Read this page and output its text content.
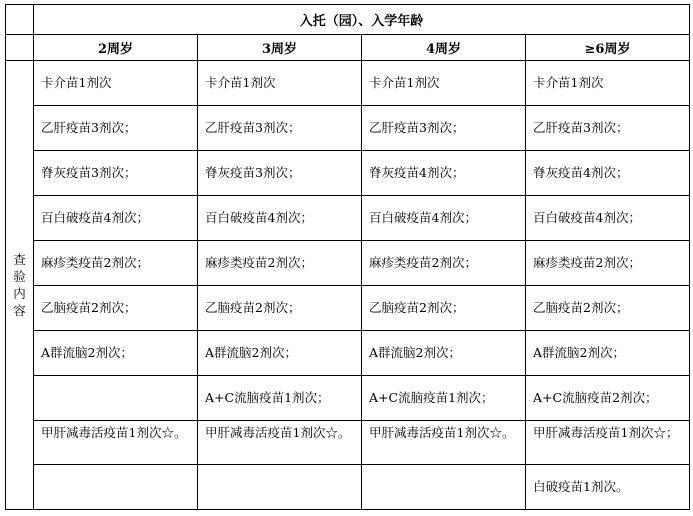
	入托（园）、入学年龄			
	2周岁	3周岁	4周岁	≥6周岁
查验内容	卡介苗1剂次	卡介苗1剂次	卡介苗1剂次	卡介苗1剂次
	乙肝疫苗3剂次；	乙肝疫苗3剂次；	乙肝疫苗3剂次；	乙肝疫苗3剂次；
	脊灰疫苗3剂次；	脊灰疫苗3剂次；	脊灰疫苗4剂次；	脊灰疫苗4剂次；
	百白破疫苗4剂次；	百白破疫苗4剂次；	百白破疫苗4剂次；	百白破疫苗4剂次；
	麻疹类疫苗2剂次；	麻疹类疫苗2剂次；	麻疹类疫苗2剂次；	麻疹类疫苗2剂次；
	乙脑疫苗2剂次；	乙脑疫苗2剂次；	乙脑疫苗2剂次；	乙脑疫苗2剂次；
	A群流脑2剂次；	A群流脑2剂次；	A群流脑2剂次；	A群流脑2剂次；
		A+C流脑疫苗1剂次；	A+C流脑疫苗1剂次；	A+C流脑疫苗2剂次；
	甲肝减毒活疫苗1剂次☆。	甲肝减毒活疫苗1剂次☆。	甲肝减毒活疫苗1剂次☆。	甲肝减毒活疫苗1剂次☆；
				白破疫苗1剂次。
